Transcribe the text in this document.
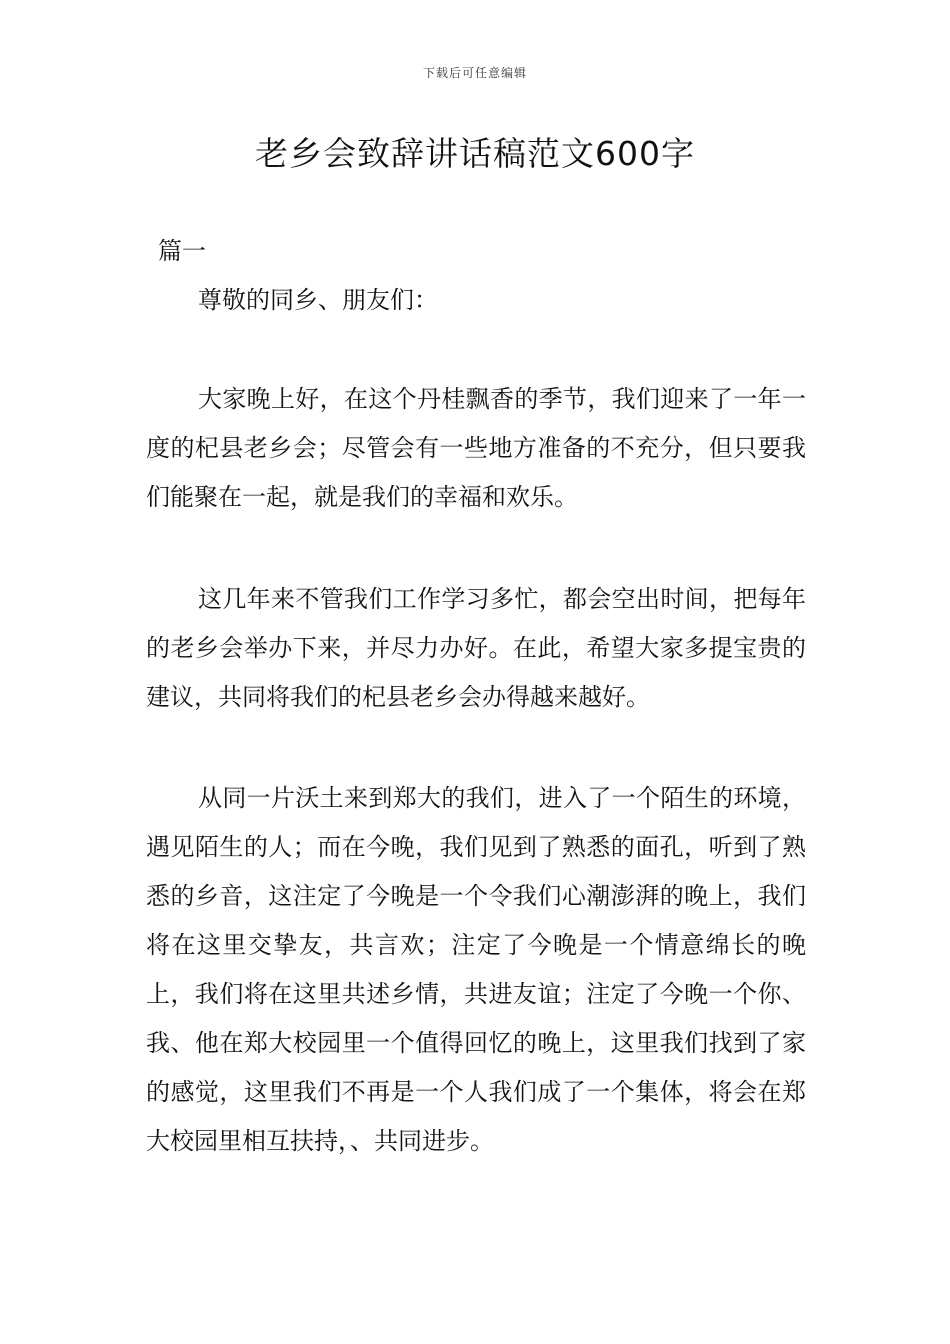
下载后可任意编辑
老乡会致辞讲话稿范文600字
篇一
尊敬的同乡、朋友们：

大家晚上好，在这个丹桂飘香的季节，我们迎来了一年一度的杞县老乡会；尽管会有一些地方准备的不充分，但只要我们能聚在一起，就是我们的幸福和欢乐。

这几年来不管我们工作学习多忙，都会空出时间，把每年的老乡会举办下来，并尽力办好。在此，希望大家多提宝贵的建议，共同将我们的杞县老乡会办得越来越好。

从同一片沃土来到郑大的我们，进入了一个陌生的环境，遇见陌生的人；而在今晚，我们见到了熟悉的面孔，听到了熟悉的乡音，这注定了今晚是一个令我们心潮澎湃的晚上，我们将在这里交挚友，共言欢；注定了今晚是一个情意绵长的晚上，我们将在这里共述乡情，共进友谊；注定了今晚一个你、我、他在郑大校园里一个值得回忆的晚上，这里我们找到了家的感觉，这里我们不再是一个人我们成了一个集体，将会在郑大校园里相互扶持，、共同进步。
